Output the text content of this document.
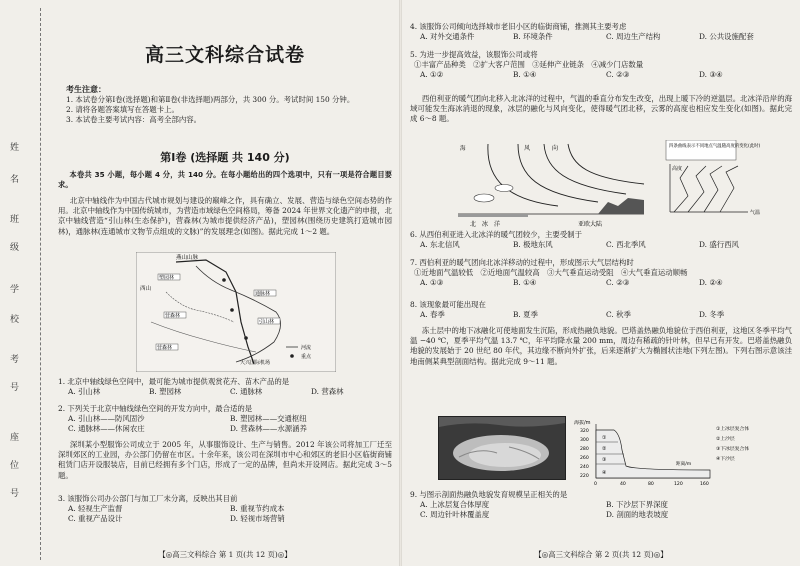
姓
名
班
级
学
校
考
号
座
位
号
高三文科综合试卷
考生注意：
1. 本试卷分第Ⅰ卷(选择题)和第Ⅱ卷(非选择题)两部分，共 300 分。考试时间 150 分钟。
2. 请将各题答案填写在答题卡上。
3. 本试卷主要考试内容：高考全部内容。
第Ⅰ卷 (选择题 共 140 分)

本卷共 35 小题，每小题 4 分，共 140 分。在每小题给出的四个选项中，只有一项是符合题目要求。

北京中轴线作为中国古代城市规划与建设的巅峰之作，具有确立、发展、营造与绿色空间态势的作用。北京中轴线作为中国传统城市，为营造市域绿色空间格局，筹备 2024 年世界文化遗产的申报，北京中轴线营造“引山林(生态保护)，营森林(为城市提供经济产品)，塑园林(围绕历史建筑打造城市园林)，通脉林(连通城市文物节点组成的文脉)”的发展理念(如图)。据此完成 1～2 题。

燕山山脉
西山
塑园林
通脉林
营森林
大兴国际机场
引山林
营森林	河流
重点
1. 北京中轴线绿色空间中，最可能为城市提供观赏花卉、苗木产品的是
A. 引山林	B. 塑园林	C. 通脉林	D. 营森林
2. 下列关于北京中轴线绿色空间的开发方向中，最合适的是
A. 引山林——防风固沙	B. 塑园林——交通枢纽
C. 通脉林——休闲农庄	D. 营森林——水源涵养

深圳某小型服饰公司成立于 2005 年，从事服饰设计、生产与销售。2012 年该公司将加工厂迁至深圳郊区的工业园，办公部门仍留在市区。十余年来，该公司在深圳市中心和郊区的老旧小区临街商铺租赁门店开设服装店，目前已经拥有多个门店，形成了一定的品牌，但尚未开设网店。据此完成 3～5 题。

3. 该服饰公司办公部门与加工厂未分离，反映出其目前
A. 轻视生产监督	B. 重视节约成本
C. 重视产品设计	D. 轻视市场营销
【◎高三文科综合 第 1 页(共 12 页)◎】
4. 该服饰公司倾向选择城市老旧小区的临街商铺，推测其主要考虑
A. 对外交通条件	B. 环境条件	C. 周边生产结构	D. 公共设施配套
5. 为进一步提高效益，该服饰公司或将
①丰富产品种类　②扩大客户范围　③延伸产业链条　④减少门店数量
A. ①②	B. ①④	C. ②③	D. ③④

西伯利亚的暖气团向北移入北冰洋的过程中，气温的垂直分布发生改变，出现上暖下冷的逆温层。北冰洋沿岸的海域可能发生海冰消退的现象，冰层的融化与风向变化，使得暖气团北移，云雾的高度也相应发生变化(如图)。据此完成 6～8 题。

海	风	向
北　冰　洋	亚欧大陆
四条曲线表示不同地点气温随高度的变化(此时)
高度
气温
6. 从西伯利亚进入北冰洋的暖气团较少，主要受制于
A. 东北信风	B. 极地东风	C. 西北季风	D. 盛行西风
7. 西伯利亚的暖气团向北冰洋移动的过程中，形成图示大气层结构时
①近地面气温较低　②近地面气温较高　③大气垂直运动受阻　④大气垂直运动顺畅
A. ①③	B. ①④	C. ②③	D. ②④
8. 该现象最可能出现在
A. 春季	B. 夏季	C. 秋季	D. 冬季

冻土层中的地下冰融化可使地面发生沉陷，形成热融负地貌。巴塔盖热融负地貌位于西伯利亚，这地区冬季平均气温 −40 ℃，夏季平均气温 13.7 ℃，年平均降水量 200 mm，周边有稀疏的针叶林，但早已有开发。巴塔盖热融负地貌的发展始于 20 世纪 80 年代，其边缘不断向外扩张，后来逐渐扩大为椭圆状洼地(下列左图)。下列右图示意该洼地南侧某典型剖面结构。据此完成 9～11 题。

①
②
③
④
海拔/m
320
300
280
260
240
220
0	40	80	120	160
距离/m
①上冰层复合体
②上沙层
③下冰层复合体
④下沙层
9. 与图示剖面热融负地貌发育规模呈正相关的是
A. 上冰层复合体厚度	B. 下沙层下界深度
C. 周边针叶林覆盖度	D. 剖面的地表坡度
【◎高三文科综合 第 2 页(共 12 页)◎】
